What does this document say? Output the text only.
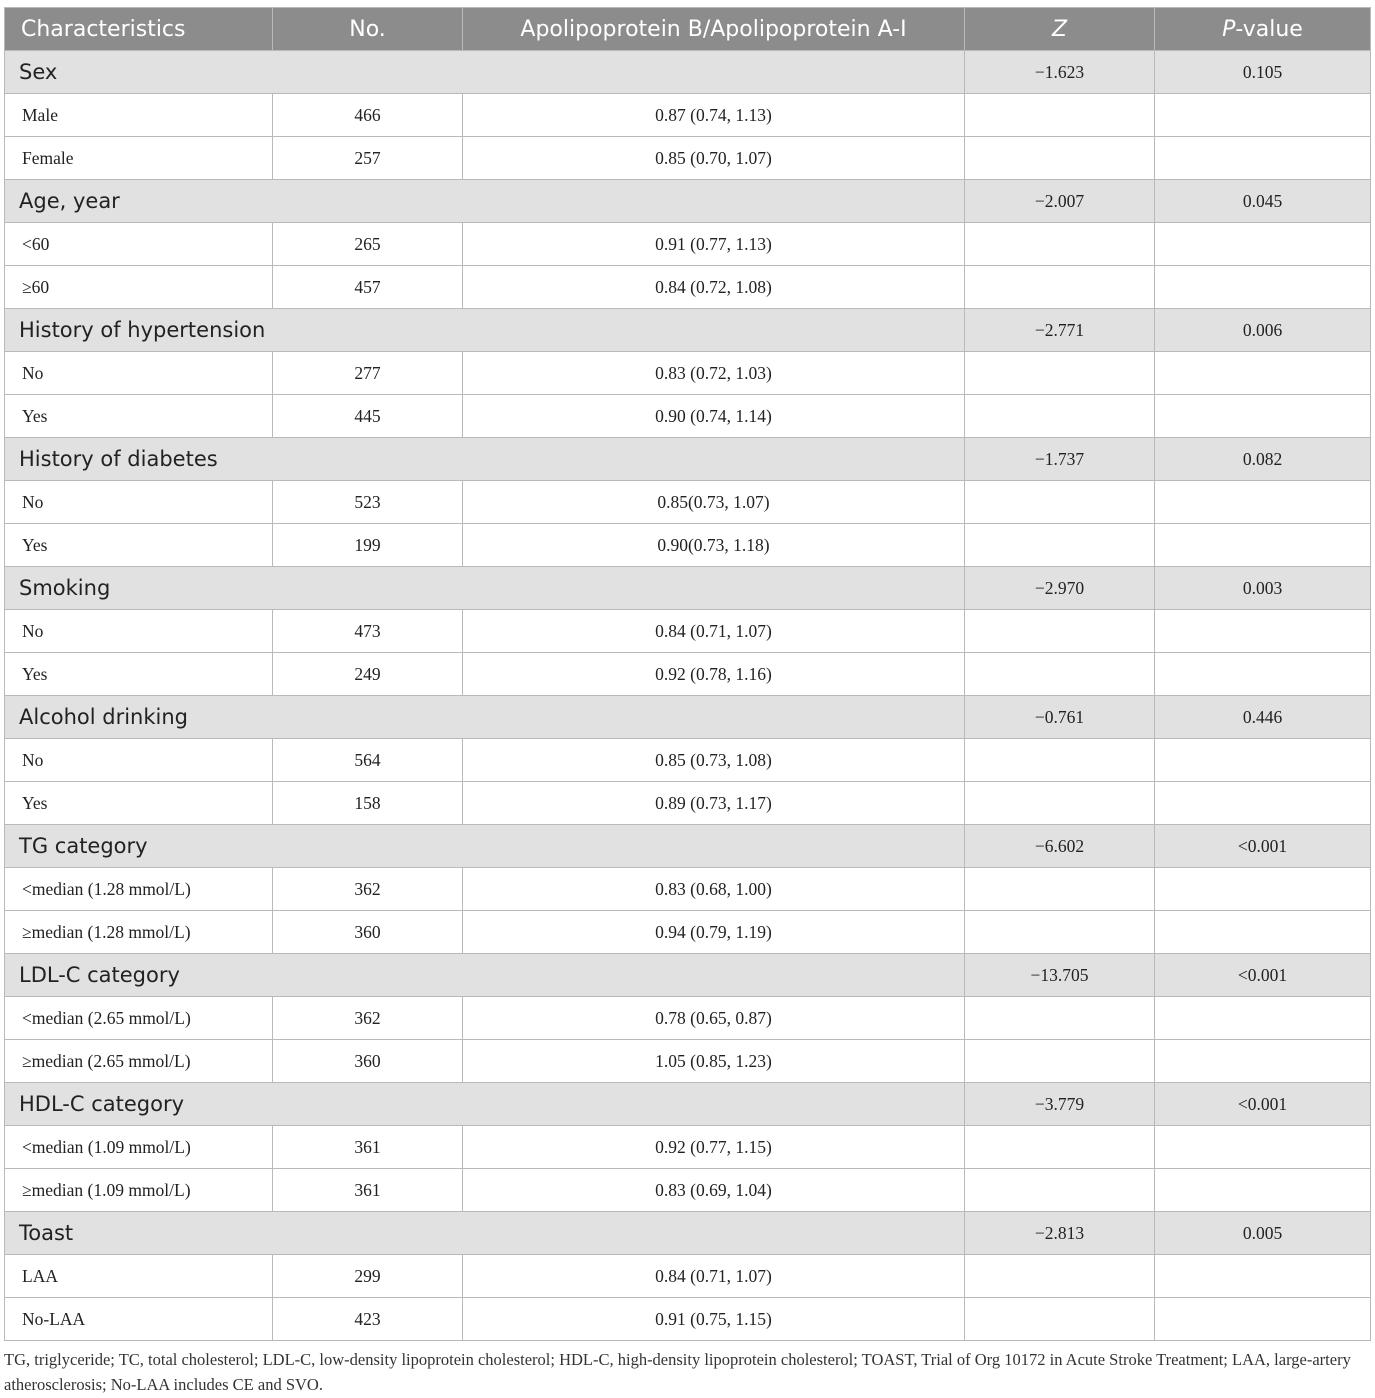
Characteristics	No.	Apolipoprotein B/Apolipoprotein A-I	Z	P-value
Sex			−1.623	0.105
Male	466	0.87 (0.74, 1.13)		
Female	257	0.85 (0.70, 1.07)		
Age, year			−2.007	0.045
<60	265	0.91 (0.77, 1.13)		
≥60	457	0.84 (0.72, 1.08)		
History of hypertension			−2.771	0.006
No	277	0.83 (0.72, 1.03)		
Yes	445	0.90 (0.74, 1.14)		
History of diabetes			−1.737	0.082
No	523	0.85(0.73, 1.07)		
Yes	199	0.90(0.73, 1.18)		
Smoking			−2.970	0.003
No	473	0.84 (0.71, 1.07)		
Yes	249	0.92 (0.78, 1.16)		
Alcohol drinking			−0.761	0.446
No	564	0.85 (0.73, 1.08)		
Yes	158	0.89 (0.73, 1.17)		
TG category			−6.602	<0.001
<median (1.28 mmol/L)	362	0.83 (0.68, 1.00)		
≥median (1.28 mmol/L)	360	0.94 (0.79, 1.19)		
LDL-C category			−13.705	<0.001
<median (2.65 mmol/L)	362	0.78 (0.65, 0.87)		
≥median (2.65 mmol/L)	360	1.05 (0.85, 1.23)		
HDL-C category			−3.779	<0.001
<median (1.09 mmol/L)	361	0.92 (0.77, 1.15)		
≥median (1.09 mmol/L)	361	0.83 (0.69, 1.04)		
Toast			−2.813	0.005
LAA	299	0.84 (0.71, 1.07)		
No-LAA	423	0.91 (0.75, 1.15)		
TG, triglyceride; TC, total cholesterol; LDL-C, low-density lipoprotein cholesterol; HDL-C, high-density lipoprotein cholesterol; TOAST, Trial of Org 10172 in Acute Stroke Treatment; LAA, large-artery atherosclerosis; No-LAA includes CE and SVO.
